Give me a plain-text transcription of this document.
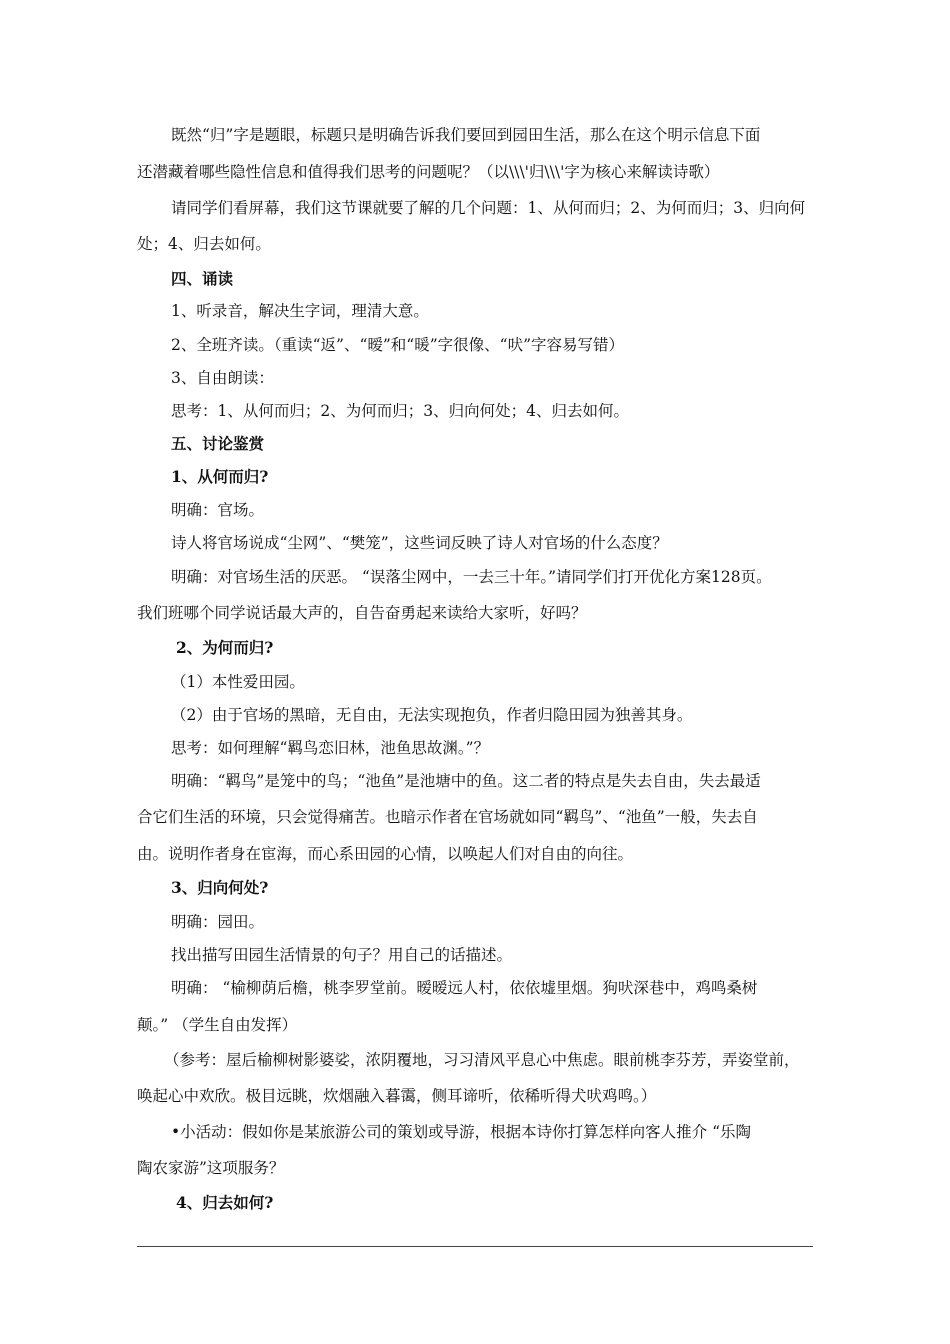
既然“归”字是题眼，标题只是明确告诉我们要回到园田生活，那么在这个明示信息下面
还潜藏着哪些隐性信息和值得我们思考的问题呢？（以\\\'归\\\'字为核心来解读诗歌）
请同学们看屏幕，我们这节课就要了解的几个问题：1、从何而归；2、为何而归；3、归向何
处；4、归去如何。
四、诵读
1、听录音，解决生字词，理清大意。
2、全班齐读。（重读“返”、“暧”和“暖”字很像、“吠”字容易写错）
3、自由朗读：
思考：1、从何而归；2、为何而归；3、归向何处；4、归去如何。
五、讨论鉴赏
1、从何而归?
明确：官场。
诗人将官场说成“尘网”、“樊笼”，这些词反映了诗人对官场的什么态度？
明确：对官场生活的厌恶。 “误落尘网中，一去三十年。”请同学们打开优化方案128页。
我们班哪个同学说话最大声的，自告奋勇起来读给大家听，好吗？
2、为何而归?
（1）本性爱田园。
（2）由于官场的黑暗，无自由，无法实现抱负，作者归隐田园为独善其身。
思考：如何理解“羁鸟恋旧林，池鱼思故渊。”？
明确：“羁鸟”是笼中的鸟；“池鱼”是池塘中的鱼。这二者的特点是失去自由，失去最适
合它们生活的环境，只会觉得痛苦。也暗示作者在官场就如同“羁鸟”、“池鱼”一般，失去自
由。说明作者身在宦海，而心系田园的心情，以唤起人们对自由的向往。
3、归向何处?
明确：园田。
找出描写田园生活情景的句子？用自己的话描述。
明确： “榆柳荫后檐，桃李罗堂前。暧暧远人村，依依墟里烟。狗吠深巷中，鸡鸣桑树
颠。” （学生自由发挥）
（参考：屋后榆柳树影婆娑，浓阴覆地，习习清风平息心中焦虑。眼前桃李芬芳，弄姿堂前，
唤起心中欢欣。极目远眺，炊烟融入暮霭，侧耳谛听，依稀听得犬吠鸡鸣。）
•小活动：假如你是某旅游公司的策划或导游，根据本诗你打算怎样向客人推介 “乐陶
陶农家游”这项服务？
4、归去如何?
